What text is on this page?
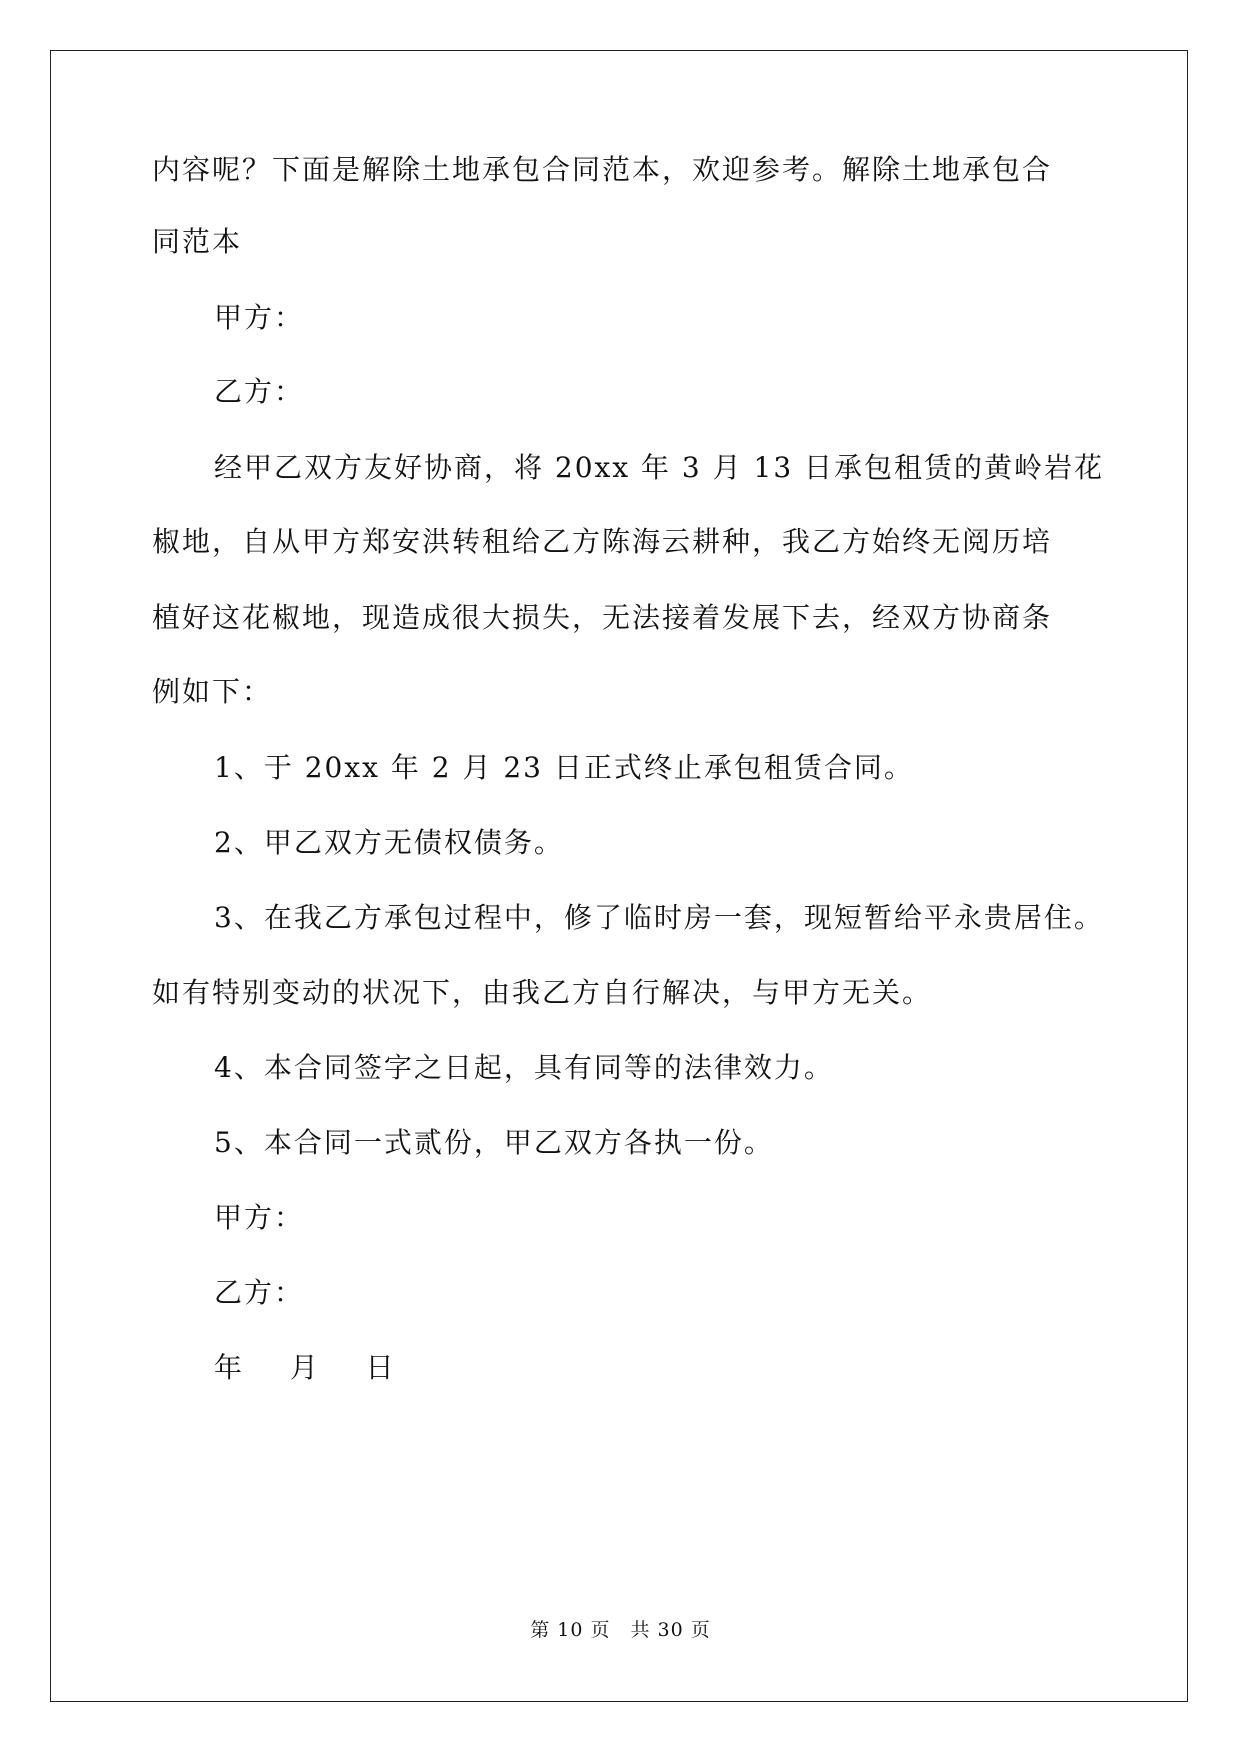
内容呢？下面是解除土地承包合同范本，欢迎参考。解除土地承包合
同范本
甲方：
乙方：
经甲乙双方友好协商，将 20xx 年 3 月 13 日承包租赁的黄岭岩花
椒地，自从甲方郑安洪转租给乙方陈海云耕种，我乙方始终无阅历培
植好这花椒地，现造成很大损失，无法接着发展下去，经双方协商条
例如下：
1、于 20xx 年 2 月 23 日正式终止承包租赁合同。
2、甲乙双方无债权债务。
3、在我乙方承包过程中，修了临时房一套，现短暂给平永贵居住。
如有特别变动的状况下，由我乙方自行解决，与甲方无关。
4、本合同签字之日起，具有同等的法律效力。
5、本合同一式贰份，甲乙双方各执一份。
甲方：
乙方：
年 月 日
第 10 页　共 30 页
